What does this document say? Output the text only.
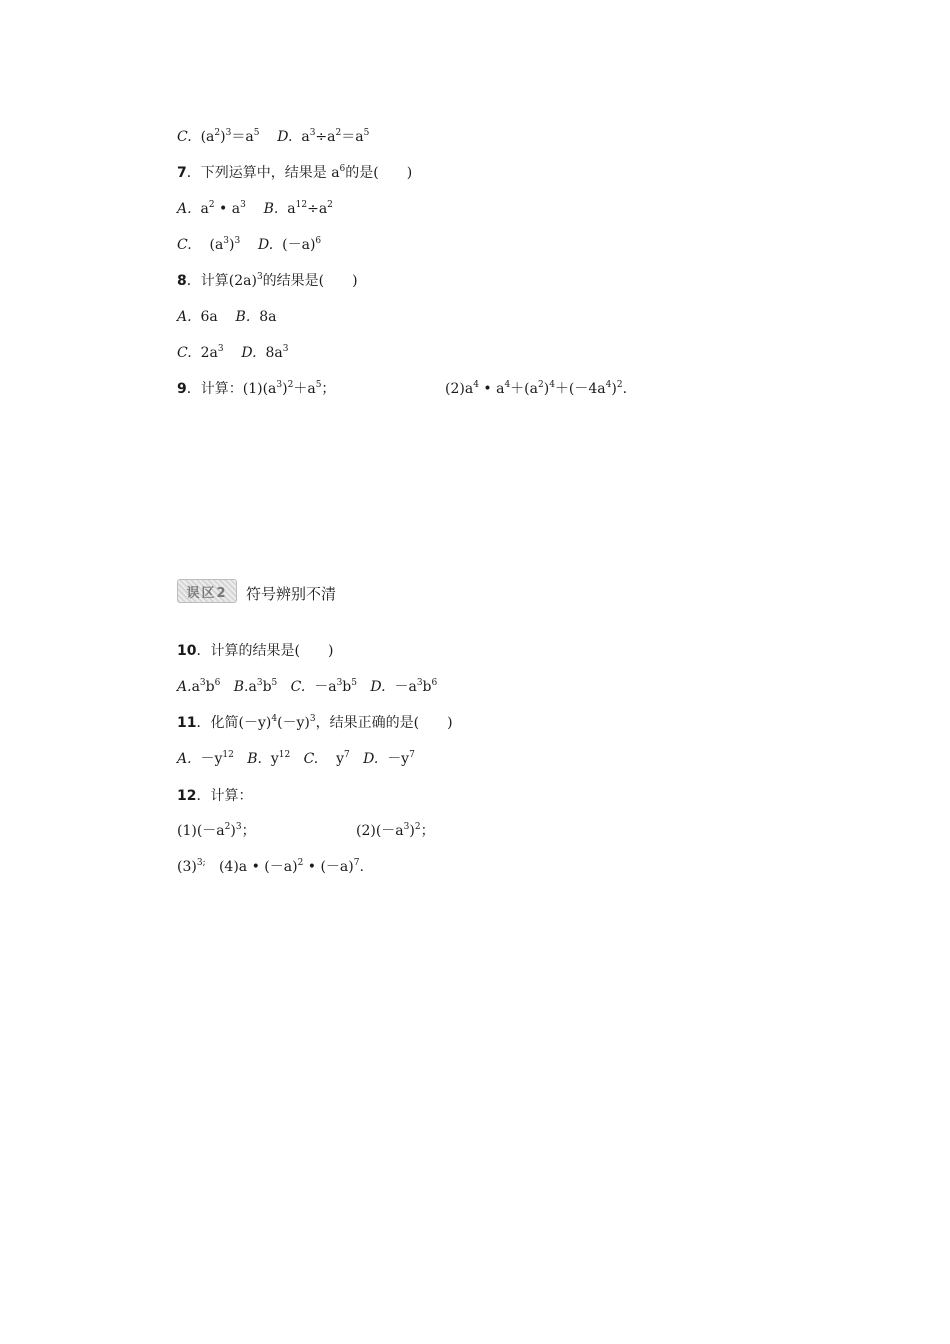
C. $(a^2)^3=a^5$ D. $a^3\div a^2=a^5$
7．下列运算中，结果是 $a^6$的是(　　)
A. $a^2$ • $a^3$ B. $a^{12}\div a^2$
C. $(a^3)^3$ D. $(-a)^6$
8．计算$(2a)^3$的结果是(　　)
A. 6a B. 8a
C. $2a^3$ D. $8a^3$
9．计算：$(1)(a^3)^2+a^5$；	$(2)a^4$ • $a^4+(a^2)^4+(-4a^4)^2$.
误区2	符号辨别不清
10．计算的结果是(　　)
$A.a^3b^6$ $B.a^3b^5$ C. $-a^3b^5$ D. $-a^3b^6$
11．化简$(-y)^4(-y)^3$，结果正确的是(　　)
A. $-y^{12}$ B. $y^{12}$ C. $y^7$ D. $-y^7$
12．计算：
$(1)(-a^2)^3$；	$(2)(-a^3)^2$；
$(3)^{3;}$ (4)a • $(-a)^2$ • $(-a)^7$.
